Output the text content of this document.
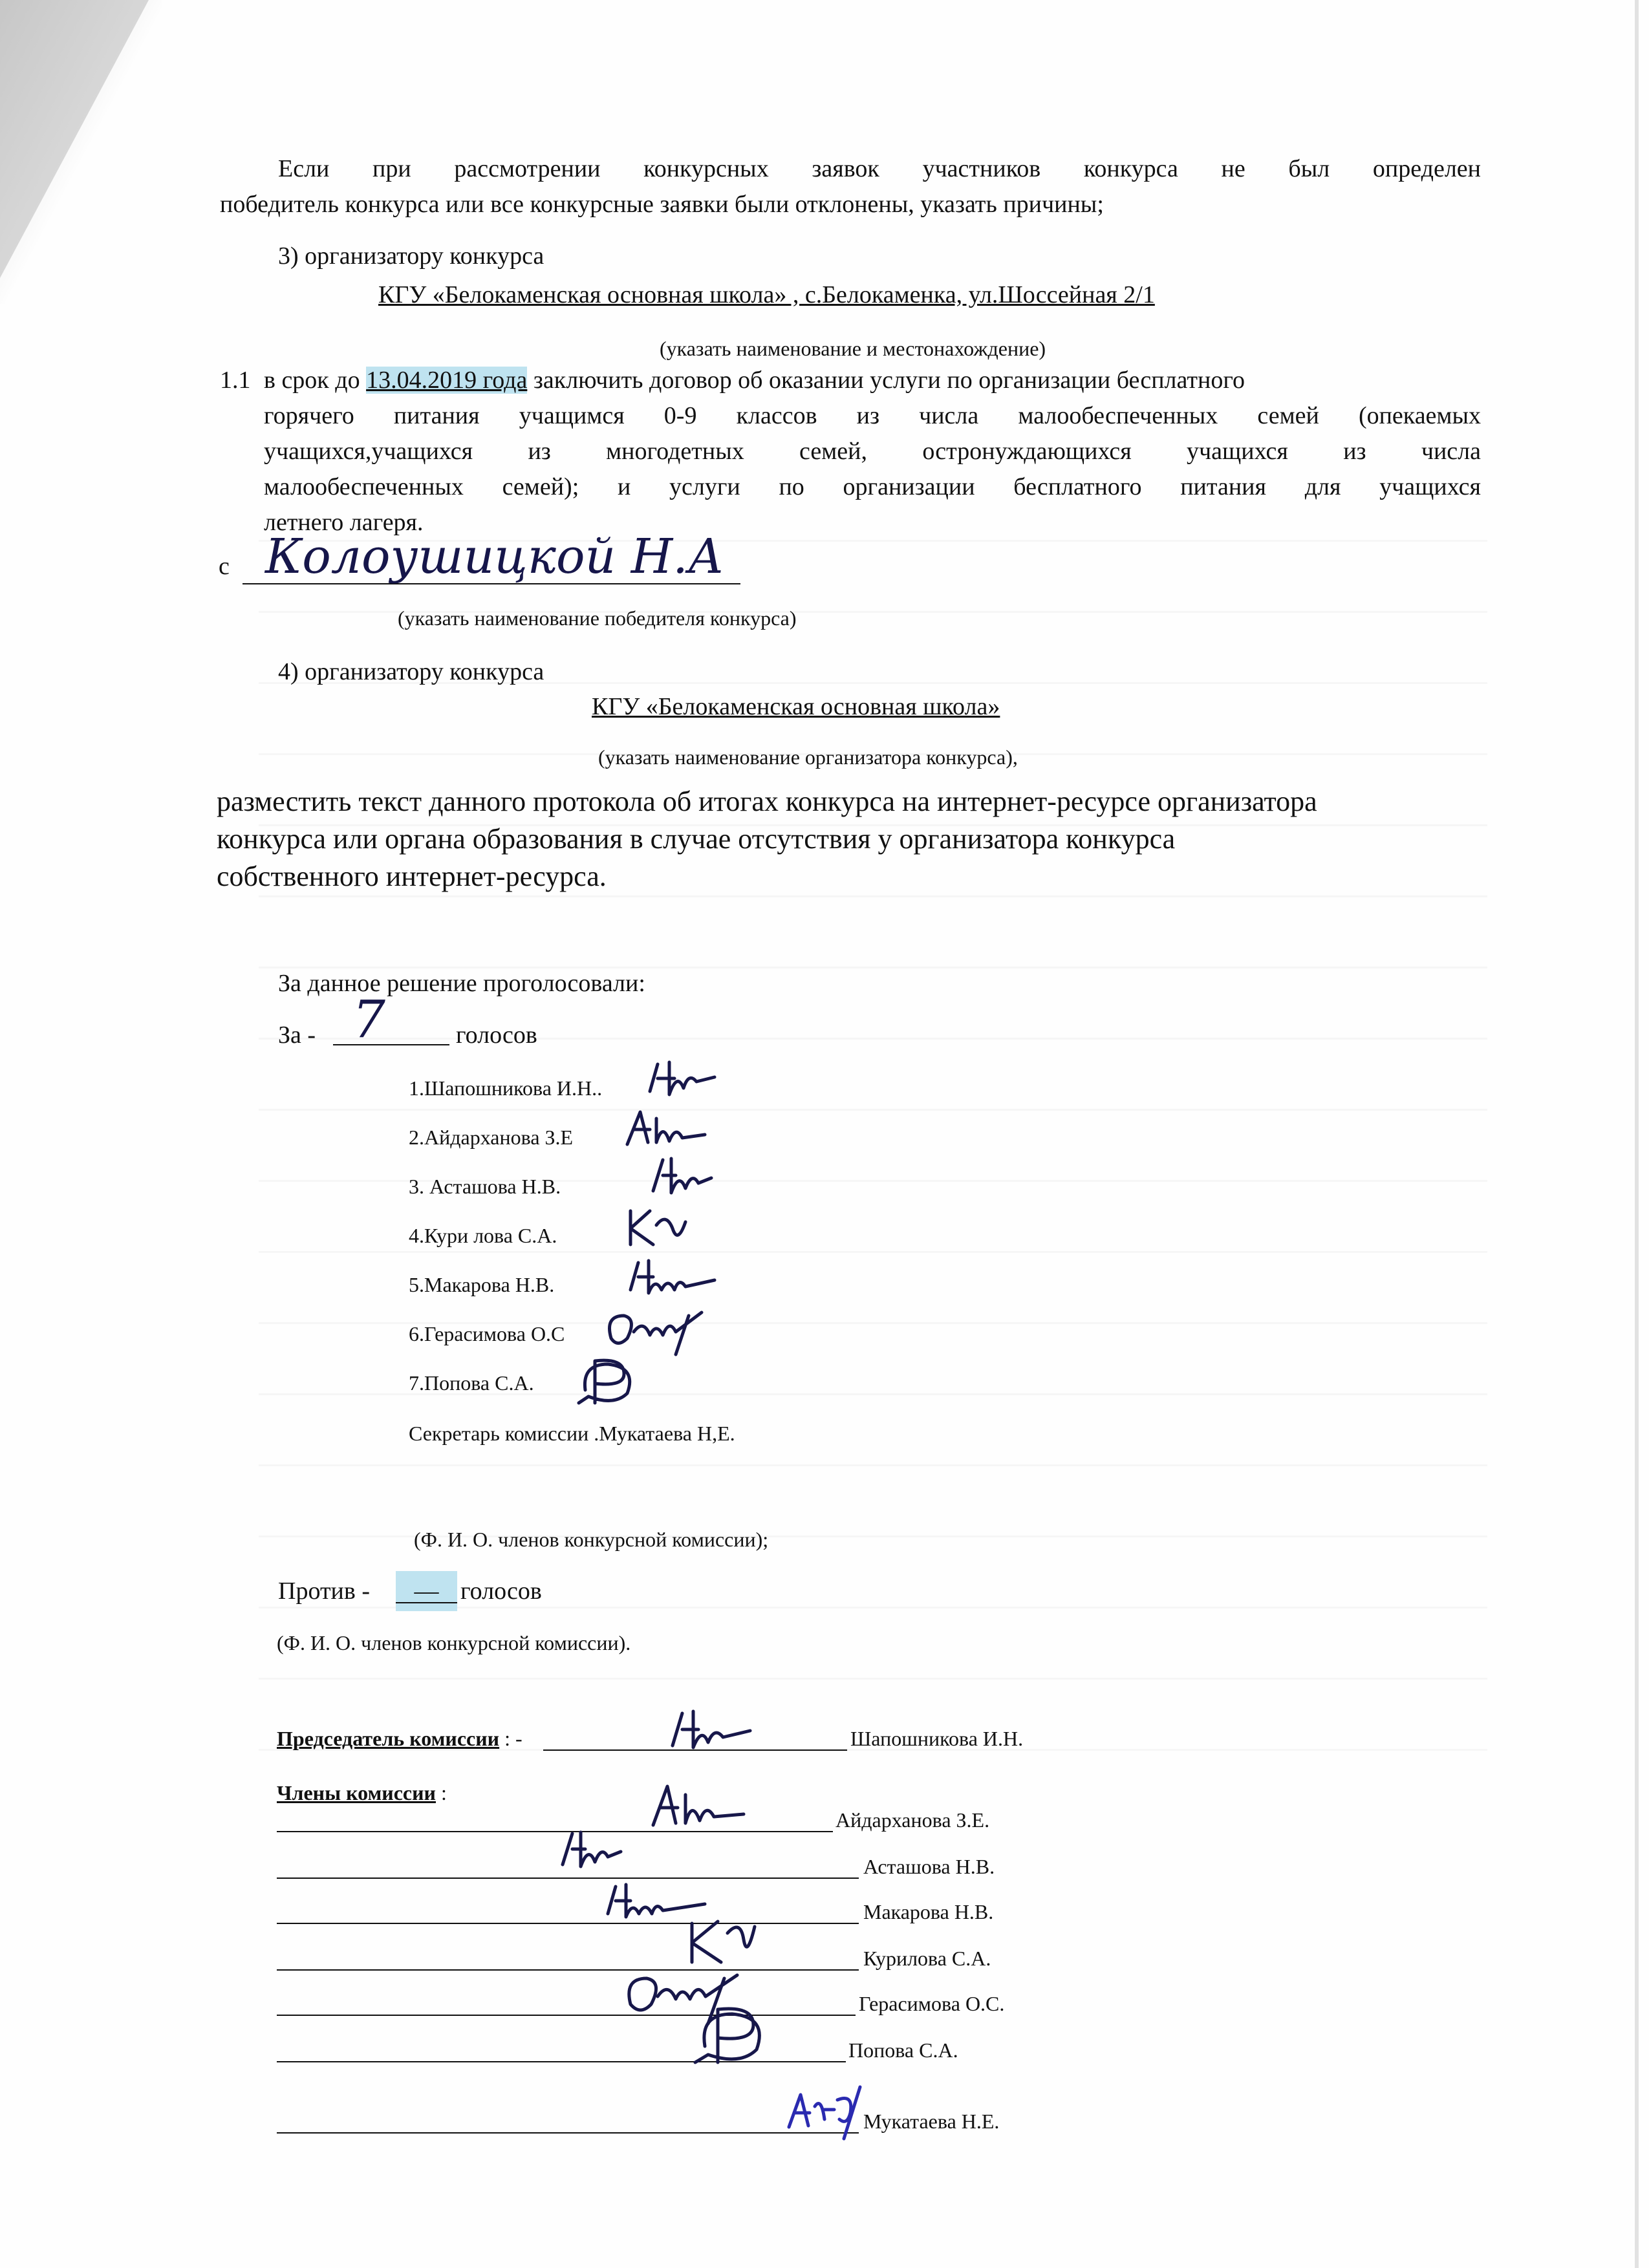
Если при рассмотрении конкурсных заявок участников конкурса не был определен
победитель конкурса или все конкурсные заявки были отклонены, указать причины;
3) организатору конкурса
КГУ «Белокаменская основная школа» , с.Белокаменка, ул.Шоссейная 2/1
(указать наименование и местонахождение)
1.1 в срок до 13.04.2019 года заключить договор об оказании услуги по организации бесплатного
горячего питания учащимся 0-9 классов из числа малообеспеченных семей (опекаемых
учащихся,учащихся из многодетных семей, остронуждающихся учащихся из числа
малообеспеченных семей); и услуги по организации бесплатного питания для учащихся
летнего лагеря.
с Колоушицкой Н.А
(указать наименование победителя конкурса)
4) организатору конкурса
КГУ «Белокаменская основная школа»
(указать наименование организатора конкурса),
разместить текст данного протокола об итогах конкурса на интернет-ресурсе организатора
конкурса или органа образования в случае отсутствия у организатора конкурса
собственного интернет-ресурса.
За данное решение проголосовали:
За - 7	голосов
1.Шапошникова И.Н..
2.Айдарханова З.Е
3. Асташова Н.В.
4.Кури лова С.А.
5.Макарова Н.В.
6.Герасимова О.С
7.Попова С.А.
Секретарь комиссии .Мукатаева Н,Е.
(Ф. И. О. членов конкурсной комиссии);
Против -	— голосов
(Ф. И. О. членов конкурсной комиссии).
Председатель комиссии : -	Шапошникова И.Н.
Члены комиссии :
Айдарханова З.Е.
Асташова Н.В.
Макарова Н.В.
Курилова С.А.
Герасимова О.С.
Попова С.А.
Мукатаева Н.Е.
